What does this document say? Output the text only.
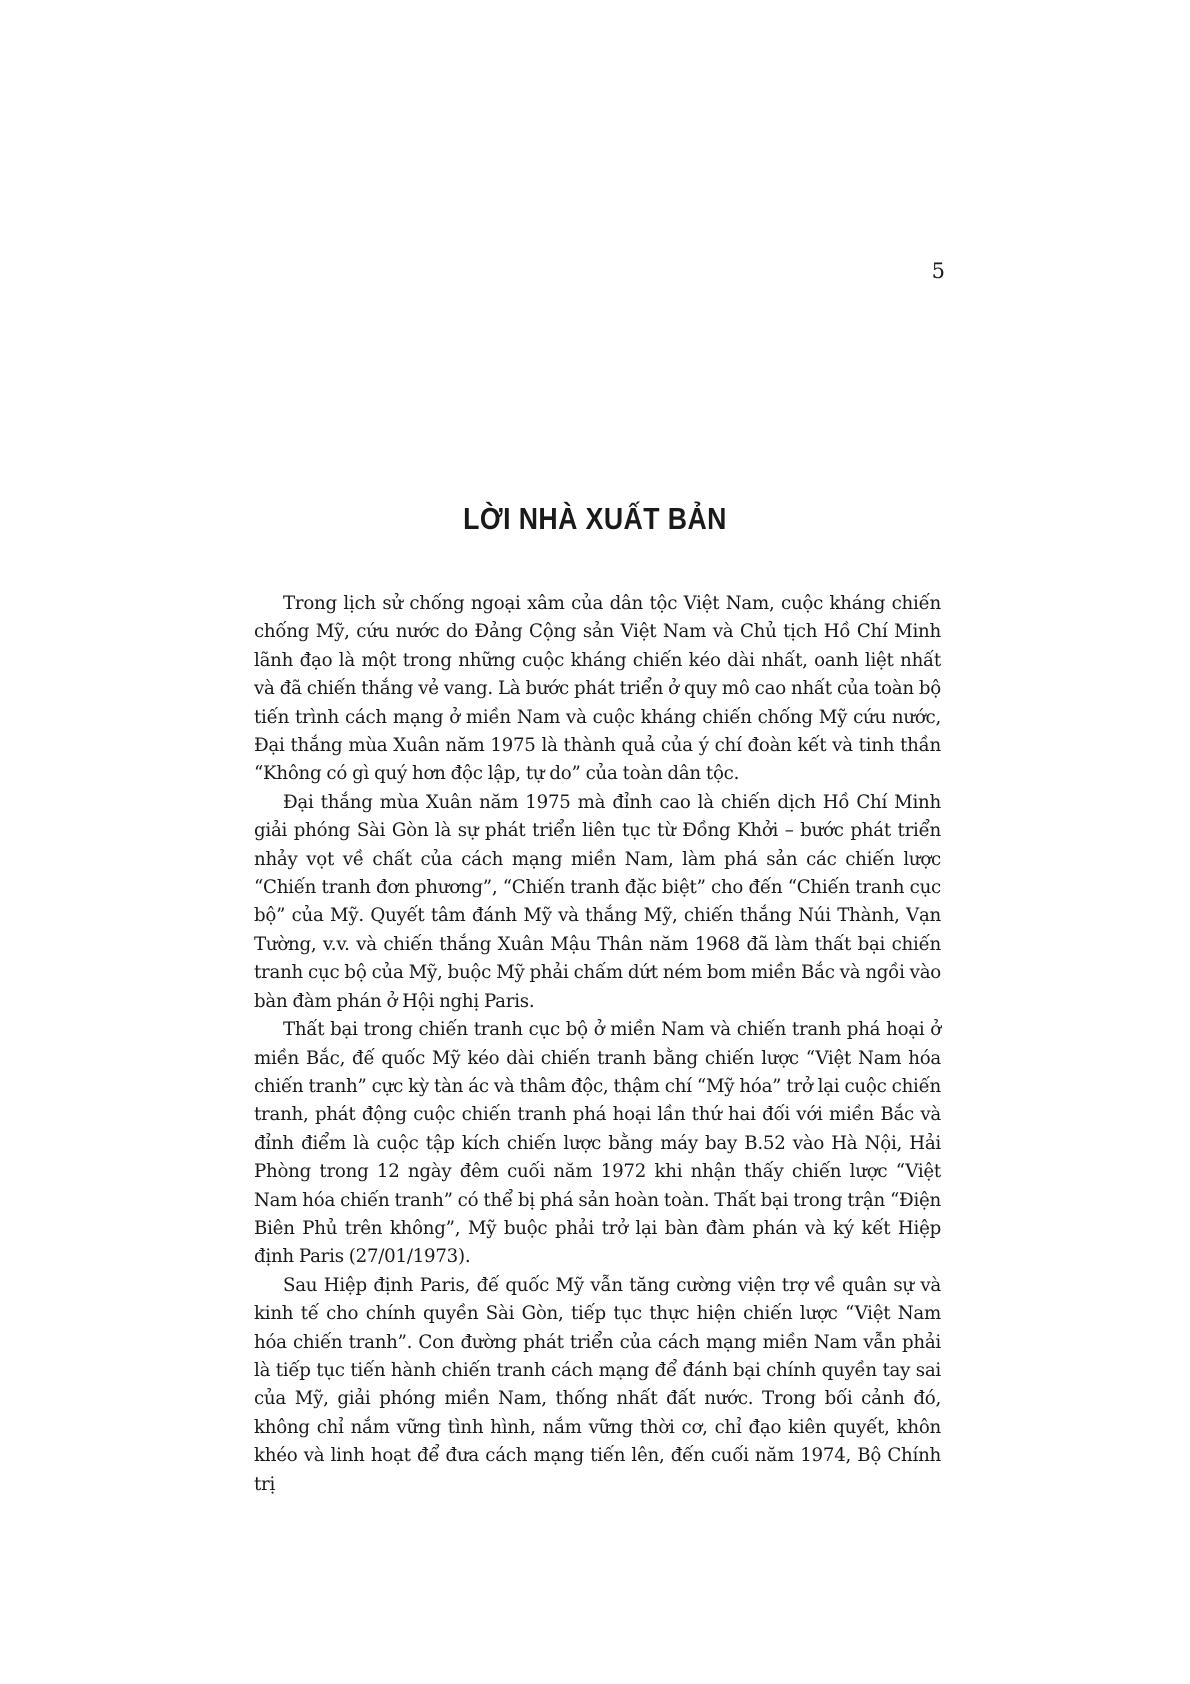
5
LỜI NHÀ XUẤT BẢN

Trong lịch sử chống ngoại xâm của dân tộc Việt Nam, cuộc kháng chiến chống Mỹ, cứu nước do Đảng Cộng sản Việt Nam và Chủ tịch Hồ Chí Minh lãnh đạo là một trong những cuộc kháng chiến kéo dài nhất, oanh liệt nhất và đã chiến thắng vẻ vang. Là bước phát triển ở quy mô cao nhất của toàn bộ tiến trình cách mạng ở miền Nam và cuộc kháng chiến chống Mỹ cứu nước, Đại thắng mùa Xuân năm 1975 là thành quả của ý chí đoàn kết và tinh thần “Không có gì quý hơn độc lập, tự do” của toàn dân tộc.

Đại thắng mùa Xuân năm 1975 mà đỉnh cao là chiến dịch Hồ Chí Minh giải phóng Sài Gòn là sự phát triển liên tục từ Đồng Khởi – bước phát triển nhảy vọt về chất của cách mạng miền Nam, làm phá sản các chiến lược “Chiến tranh đơn phương”, “Chiến tranh đặc biệt” cho đến “Chiến tranh cục bộ” của Mỹ. Quyết tâm đánh Mỹ và thắng Mỹ, chiến thắng Núi Thành, Vạn Tường, v.v. và chiến thắng Xuân Mậu Thân năm 1968 đã làm thất bại chiến tranh cục bộ của Mỹ, buộc Mỹ phải chấm dứt ném bom miền Bắc và ngồi vào bàn đàm phán ở Hội nghị Paris.

Thất bại trong chiến tranh cục bộ ở miền Nam và chiến tranh phá hoại ở miền Bắc, đế quốc Mỹ kéo dài chiến tranh bằng chiến lược “Việt Nam hóa chiến tranh” cực kỳ tàn ác và thâm độc, thậm chí “Mỹ hóa” trở lại cuộc chiến tranh, phát động cuộc chiến tranh phá hoại lần thứ hai đối với miền Bắc và đỉnh điểm là cuộc tập kích chiến lược bằng máy bay B.52 vào Hà Nội, Hải Phòng trong 12 ngày đêm cuối năm 1972 khi nhận thấy chiến lược “Việt Nam hóa chiến tranh” có thể bị phá sản hoàn toàn. Thất bại trong trận “Điện Biên Phủ trên không”, Mỹ buộc phải trở lại bàn đàm phán và ký kết Hiệp định Paris (27/01/1973).

Sau Hiệp định Paris, đế quốc Mỹ vẫn tăng cường viện trợ về quân sự và kinh tế cho chính quyền Sài Gòn, tiếp tục thực hiện chiến lược “Việt Nam hóa chiến tranh”. Con đường phát triển của cách mạng miền Nam vẫn phải là tiếp tục tiến hành chiến tranh cách mạng để đánh bại chính quyền tay sai của Mỹ, giải phóng miền Nam, thống nhất đất nước. Trong bối cảnh đó, không chỉ nắm vững tình hình, nắm vững thời cơ, chỉ đạo kiên quyết, khôn khéo và linh hoạt để đưa cách mạng tiến lên, đến cuối năm 1974, Bộ Chính trị
